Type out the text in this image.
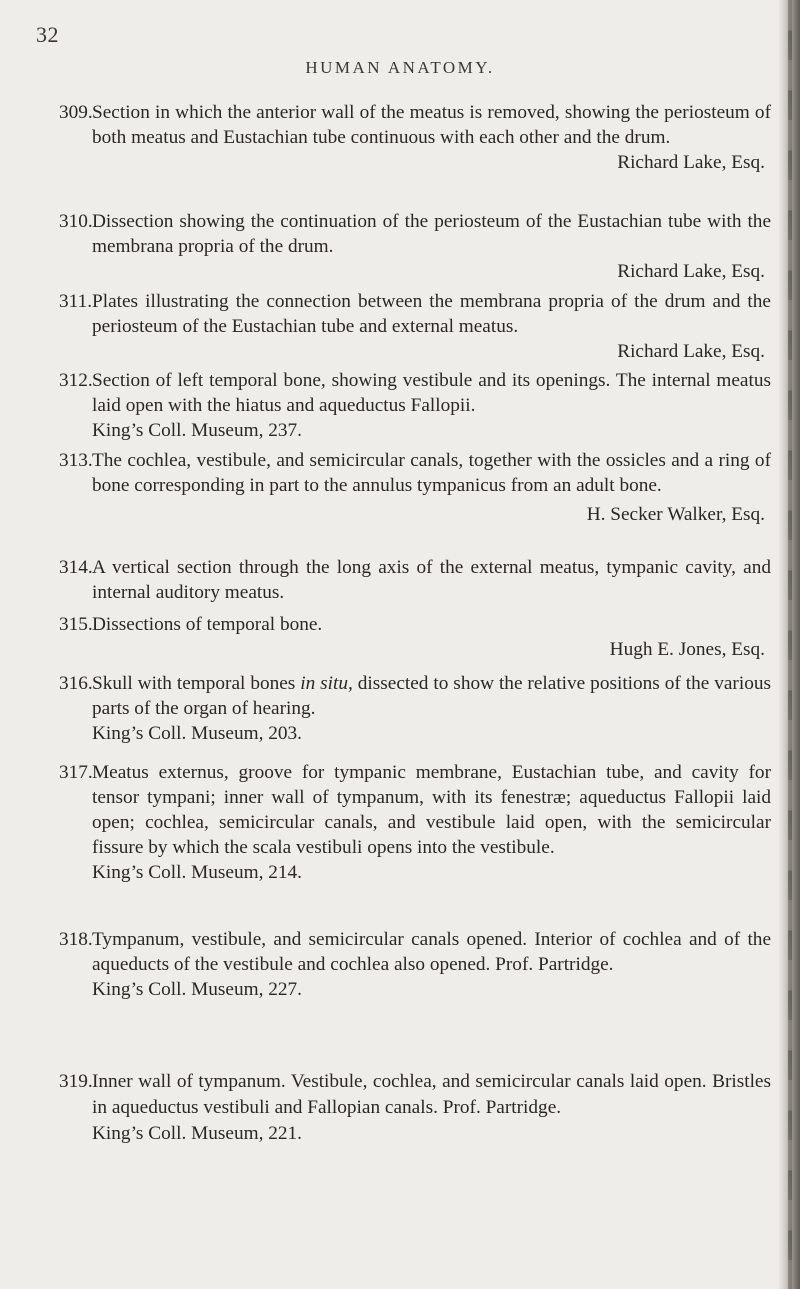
32
HUMAN ANATOMY.
309. Section in which the anterior wall of the meatus is removed, showing the periosteum of both meatus and Eustachian tube continuous with each other and the drum.
Richard Lake, Esq.
310. Dissection showing the continuation of the periosteum of the Eustachian tube with the membrana propria of the drum.
Richard Lake, Esq.
311. Plates illustrating the connection between the membrana propria of the drum and the periosteum of the Eustachian tube and external meatus.
Richard Lake, Esq.
312. Section of left temporal bone, showing vestibule and its openings. The internal meatus laid open with the hiatus and aqueductus Fallopii.
King’s Coll. Museum, 237.
313. The cochlea, vestibule, and semicircular canals, together with the ossicles and a ring of bone corresponding in part to the annulus tympanicus from an adult bone.
H. Secker Walker, Esq.
314. A vertical section through the long axis of the external meatus, tympanic cavity, and internal auditory meatus.
315. Dissections of temporal bone.
Hugh E. Jones, Esq.
316. Skull with temporal bones in situ, dissected to show the relative positions of the various parts of the organ of hearing.
King’s Coll. Museum, 203.
317. Meatus externus, groove for tympanic membrane, Eustachian tube, and cavity for tensor tympani; inner wall of tympanum, with its fenestræ; aqueductus Fallopii laid open; cochlea, semicircular canals, and vestibule laid open, with the semicircular fissure by which the scala vestibuli opens into the vestibule.
King’s Coll. Museum, 214.
318. Tympanum, vestibule, and semicircular canals opened. Interior of cochlea and of the aqueducts of the vestibule and cochlea also opened. Prof. Partridge.
King’s Coll. Museum, 227.
319. Inner wall of tympanum. Vestibule, cochlea, and semicircular canals laid open. Bristles in aqueductus vestibuli and Fallopian canals. Prof. Partridge.
King’s Coll. Museum, 221.
